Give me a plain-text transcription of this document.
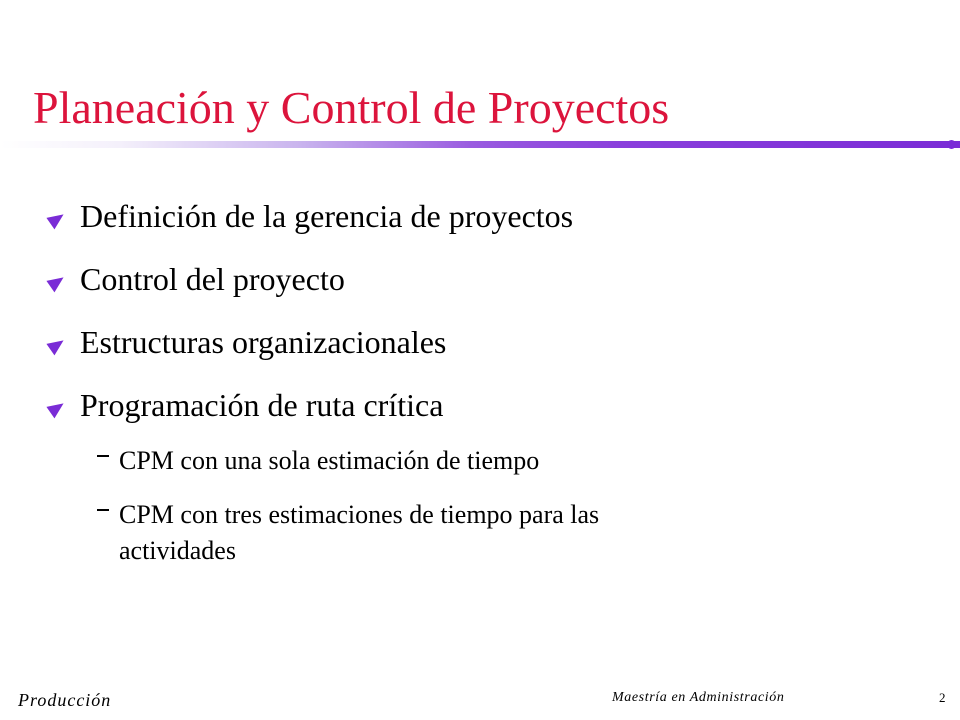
Planeación y Control de Proyectos
Definición de la gerencia de proyectos
Control del proyecto
Estructuras organizacionales
Programación de ruta crítica
CPM con una sola estimación de tiempo
CPM con tres estimaciones de tiempo para las
actividades
Producción	Maestría en Administración	2
